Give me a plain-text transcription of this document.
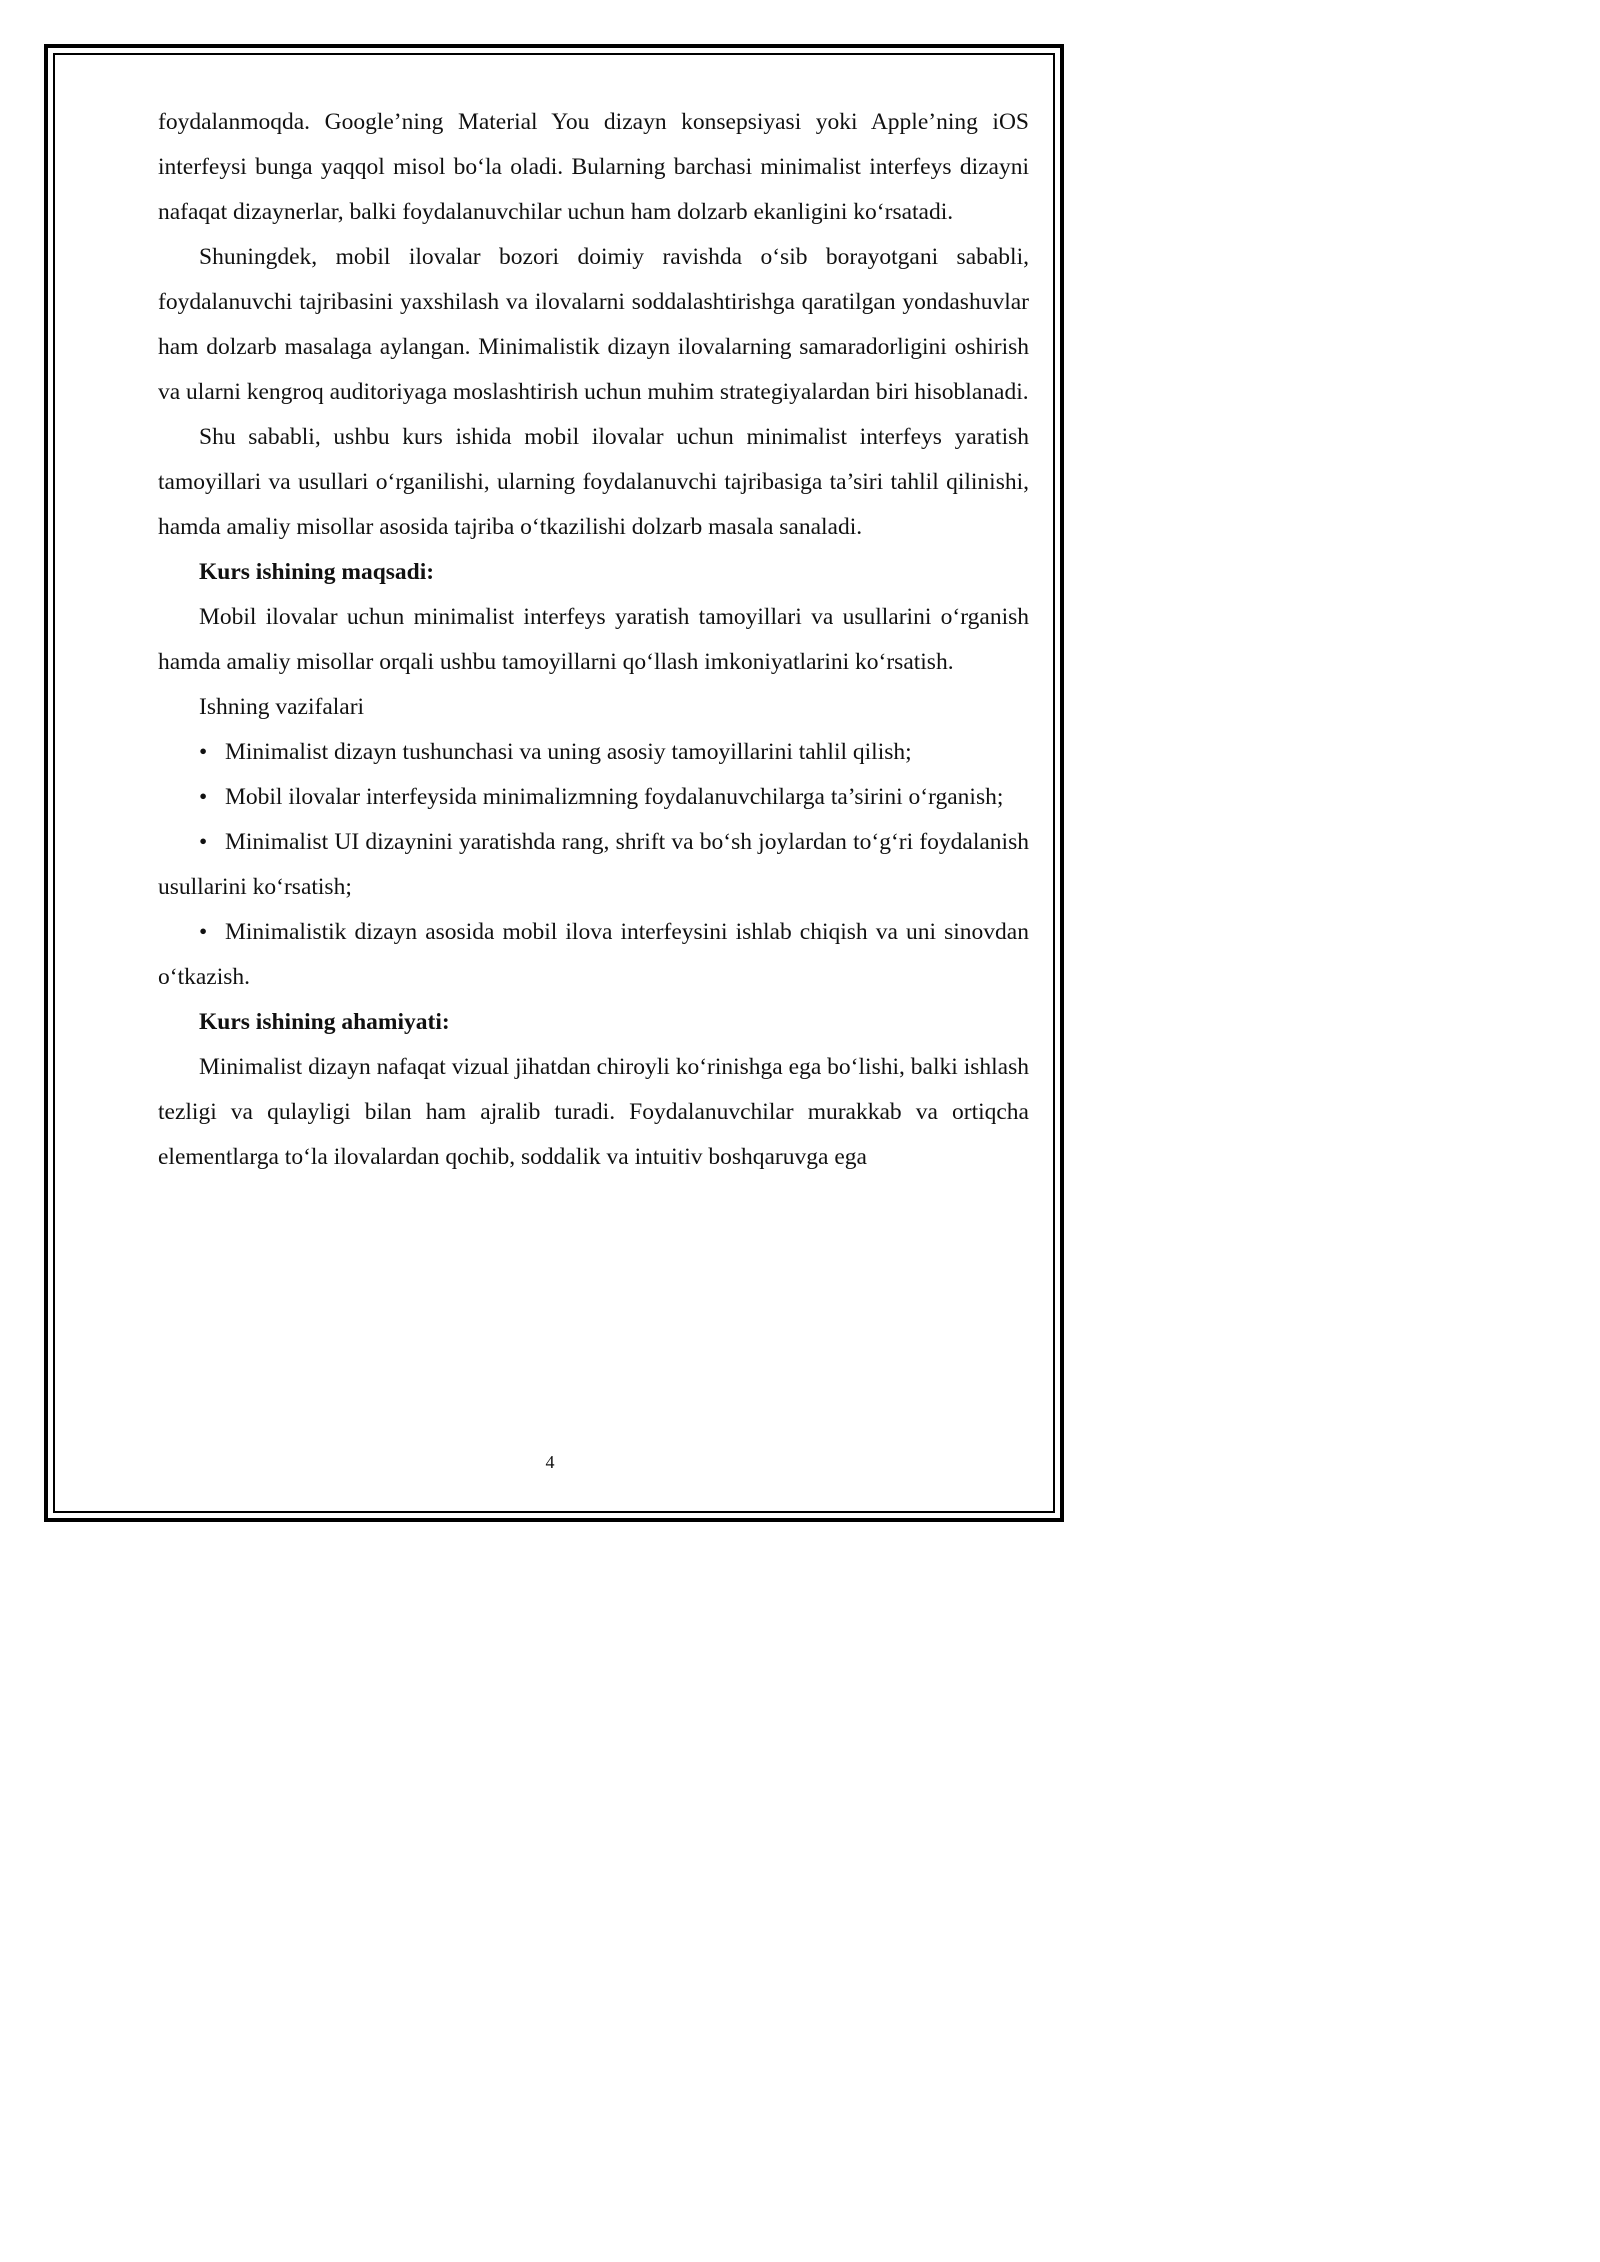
foydalanmoqda. Google’ning Material You dizayn konsepsiyasi yoki Apple’ning iOS interfeysi bunga yaqqol misol bo‘la oladi. Bularning barchasi minimalist interfeys dizayni nafaqat dizaynerlar, balki foydalanuvchilar uchun ham dolzarb ekanligini ko‘rsatadi.

Shuningdek, mobil ilovalar bozori doimiy ravishda o‘sib borayotgani sababli, foydalanuvchi tajribasini yaxshilash va ilovalarni soddalashtirishga qaratilgan yondashuvlar ham dolzarb masalaga aylangan. Minimalistik dizayn ilovalarning samaradorligini oshirish va ularni kengroq auditoriyaga moslashtirish uchun muhim strategiyalardan biri hisoblanadi.

Shu sababli, ushbu kurs ishida mobil ilovalar uchun minimalist interfeys yaratish tamoyillari va usullari o‘rganilishi, ularning foydalanuvchi tajribasiga ta’siri tahlil qilinishi, hamda amaliy misollar asosida tajriba o‘tkazilishi dolzarb masala sanaladi.

Kurs ishining maqsadi:

Mobil ilovalar uchun minimalist interfeys yaratish tamoyillari va usullarini o‘rganish hamda amaliy misollar orqali ushbu tamoyillarni qo‘llash imkoniyatlarini ko‘rsatish.

Ishning vazifalari

• Minimalist dizayn tushunchasi va uning asosiy tamoyillarini tahlil qilish;

• Mobil ilovalar interfeysida minimalizmning foydalanuvchilarga ta’sirini o‘rganish;

• Minimalist UI dizaynini yaratishda rang, shrift va bo‘sh joylardan to‘g‘ri foydalanish usullarini ko‘rsatish;

• Minimalistik dizayn asosida mobil ilova interfeysini ishlab chiqish va uni sinovdan o‘tkazish.

Kurs ishining ahamiyati:

Minimalist dizayn nafaqat vizual jihatdan chiroyli ko‘rinishga ega bo‘lishi, balki ishlash tezligi va qulayligi bilan ham ajralib turadi. Foydalanuvchilar murakkab va ortiqcha elementlarga to‘la ilovalardan qochib, soddalik va intuitiv boshqaruvga ega

4
